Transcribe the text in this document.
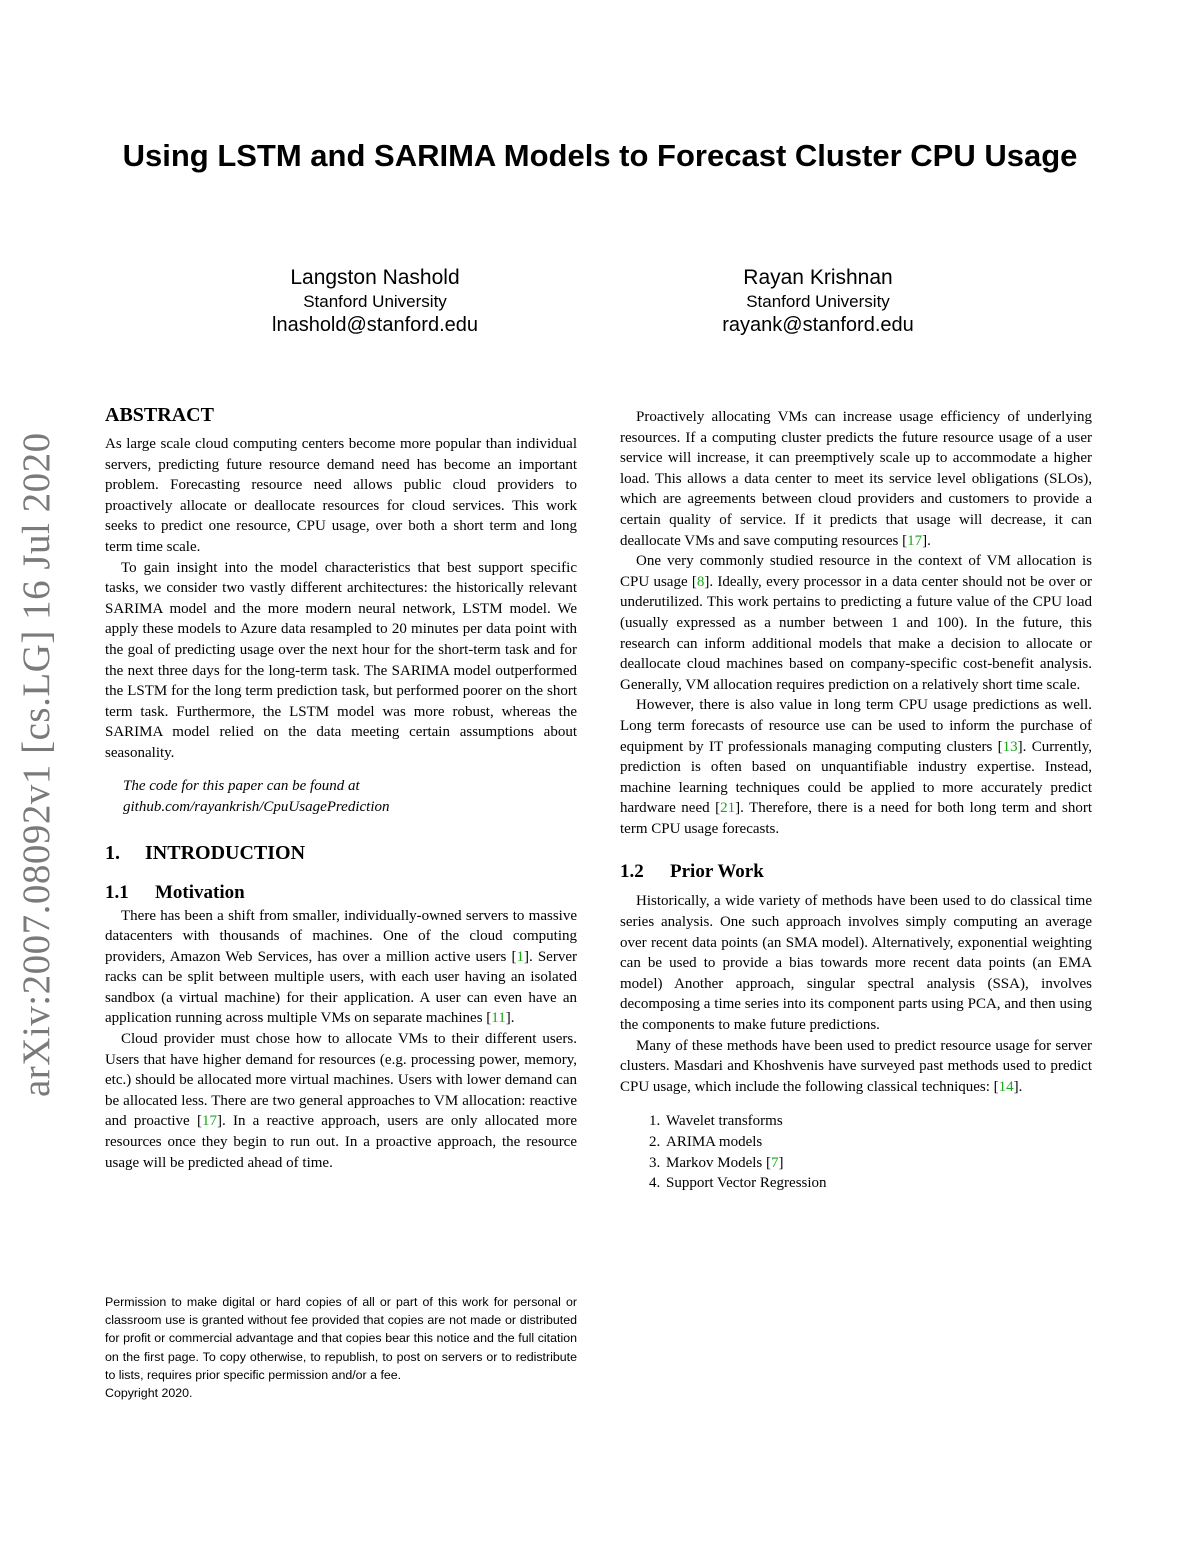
arXiv:2007.08092v1 [cs.LG] 16 Jul 2020
Using LSTM and SARIMA Models to Forecast Cluster CPU Usage
Langston Nashold
Stanford University
lnashold@stanford.edu
Rayan Krishnan
Stanford University
rayank@stanford.edu
ABSTRACT

As large scale cloud computing centers become more popular than individual servers, predicting future resource demand need has become an important problem. Forecasting resource need allows public cloud providers to proactively allocate or deallocate resources for cloud services. This work seeks to predict one resource, CPU usage, over both a short term and long term time scale.

To gain insight into the model characteristics that best support specific tasks, we consider two vastly different architectures: the historically relevant SARIMA model and the more modern neural network, LSTM model. We apply these models to Azure data resampled to 20 minutes per data point with the goal of predicting usage over the next hour for the short-term task and for the next three days for the long-term task. The SARIMA model outperformed the LSTM for the long term prediction task, but performed poorer on the short term task. Furthermore, the LSTM model was more robust, whereas the SARIMA model relied on the data meeting certain assumptions about seasonality.

The code for this paper can be found at
github.com/rayankrish/CpuUsagePrediction
1. INTRODUCTION
1.1 Motivation

There has been a shift from smaller, individually-owned servers to massive datacenters with thousands of machines. One of the cloud computing providers, Amazon Web Services, has over a million active users [1]. Server racks can be split between multiple users, with each user having an isolated sandbox (a virtual machine) for their application. A user can even have an application running across multiple VMs on separate machines [11].

Cloud provider must chose how to allocate VMs to their different users. Users that have higher demand for resources (e.g. processing power, memory, etc.) should be allocated more virtual machines. Users with lower demand can be allocated less. There are two general approaches to VM allocation: reactive and proactive [17]. In a reactive approach, users are only allocated more resources once they begin to run out. In a proactive approach, the resource usage will be predicted ahead of time.

Permission to make digital or hard copies of all or part of this work for personal or classroom use is granted without fee provided that copies are not made or distributed for profit or commercial advantage and that copies bear this notice and the full citation on the first page. To copy otherwise, to republish, to post on servers or to redistribute to lists, requires prior specific permission and/or a fee.
Copyright 2020.

Proactively allocating VMs can increase usage efficiency of underlying resources. If a computing cluster predicts the future resource usage of a user service will increase, it can preemptively scale up to accommodate a higher load. This allows a data center to meet its service level obligations (SLOs), which are agreements between cloud providers and customers to provide a certain quality of service. If it predicts that usage will decrease, it can deallocate VMs and save computing resources [17].

One very commonly studied resource in the context of VM allocation is CPU usage [8]. Ideally, every processor in a data center should not be over or underutilized. This work pertains to predicting a future value of the CPU load (usually expressed as a number between 1 and 100). In the future, this research can inform additional models that make a decision to allocate or deallocate cloud machines based on company-specific cost-benefit analysis. Generally, VM allocation requires prediction on a relatively short time scale.

However, there is also value in long term CPU usage predictions as well. Long term forecasts of resource use can be used to inform the purchase of equipment by IT professionals managing computing clusters [13]. Currently, prediction is often based on unquantifiable industry expertise. Instead, machine learning techniques could be applied to more accurately predict hardware need [21]. Therefore, there is a need for both long term and short term CPU usage forecasts.

1.2 Prior Work

Historically, a wide variety of methods have been used to do classical time series analysis. One such approach involves simply computing an average over recent data points (an SMA model). Alternatively, exponential weighting can be used to provide a bias towards more recent data points (an EMA model) Another approach, singular spectral analysis (SSA), involves decomposing a time series into its component parts using PCA, and then using the components to make future predictions.

Many of these methods have been used to predict resource usage for server clusters. Masdari and Khoshvenis have surveyed past methods used to predict CPU usage, which include the following classical techniques: [14].

1. Wavelet transforms
2. ARIMA models
3. Markov Models [7]
4. Support Vector Regression
